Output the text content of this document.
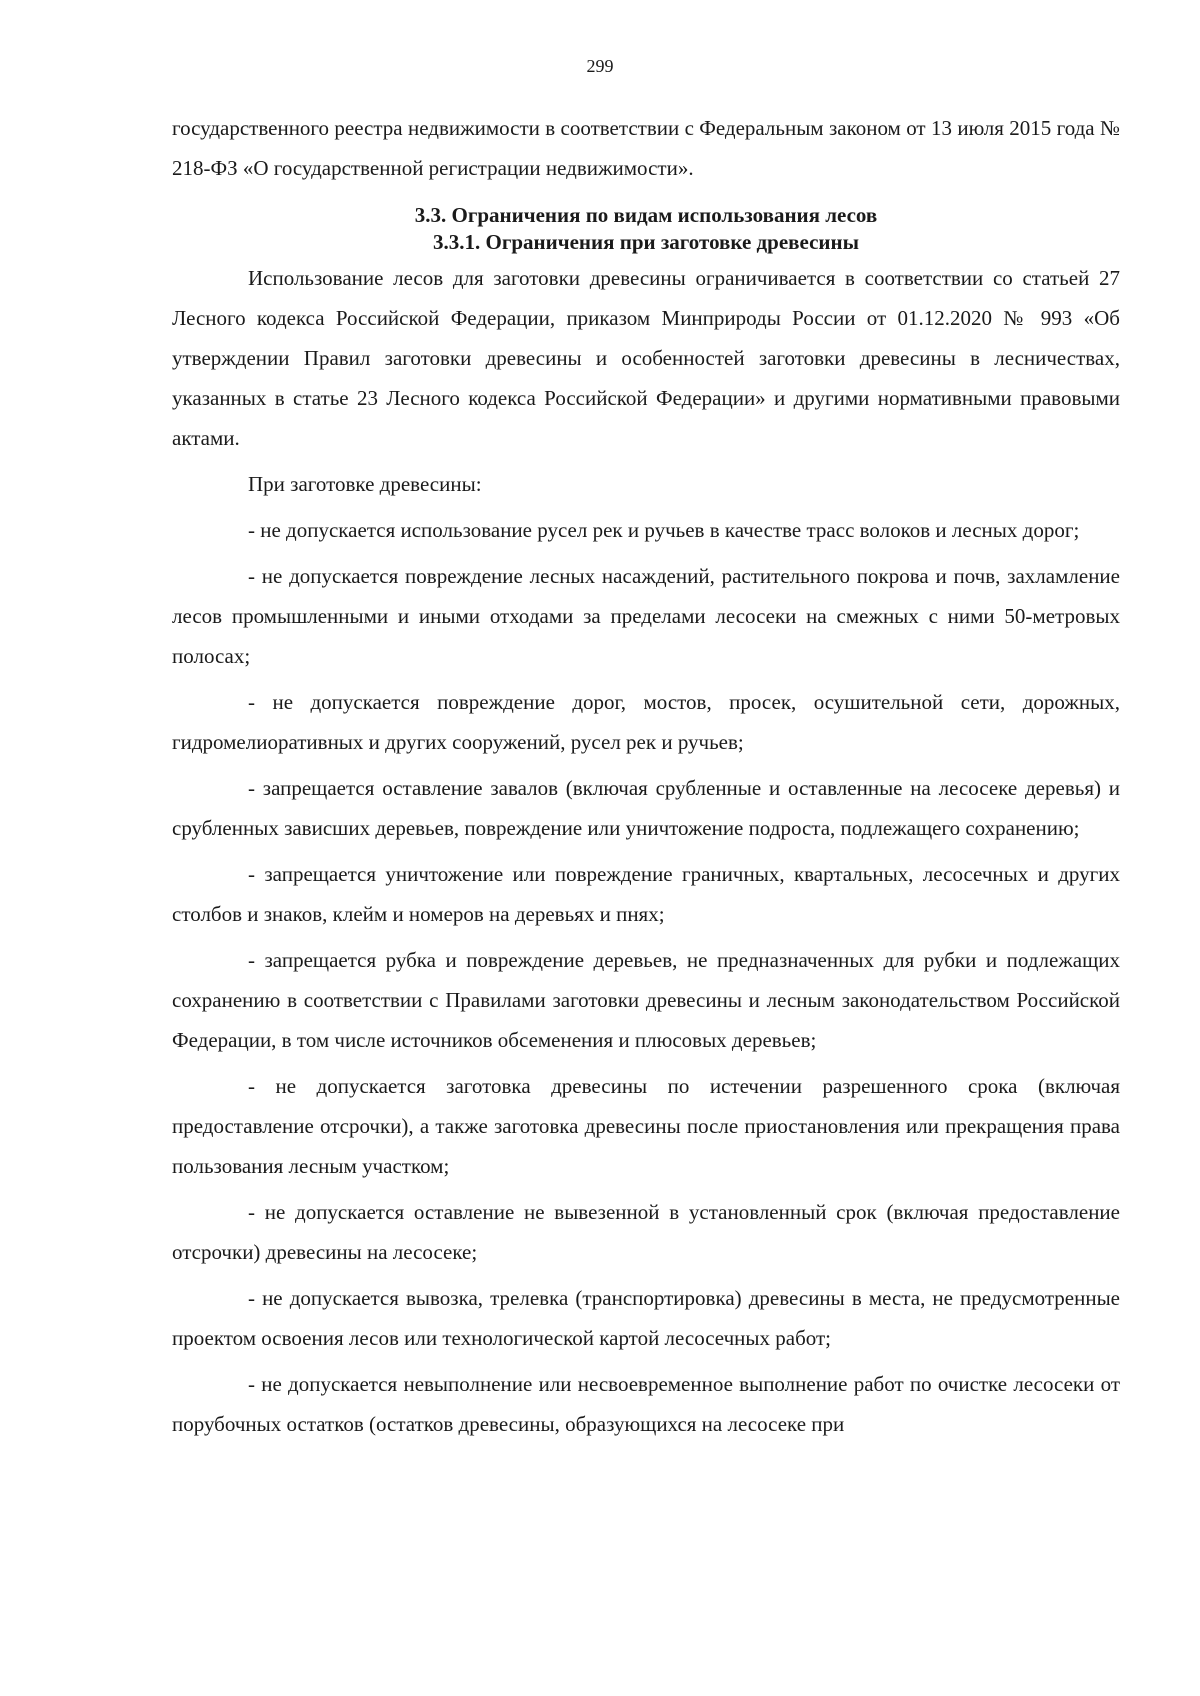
299

государственного реестра недвижимости в соответствии с Федеральным законом от 13 июля 2015 года № 218-ФЗ «О государственной регистрации недвижимости».

3.3. Ограничения по видам использования лесов
3.3.1. Ограничения при заготовке древесины

Использование лесов для заготовки древесины ограничивается в соответствии со статьей 27 Лесного кодекса Российской Федерации, приказом Минприроды России от 01.12.2020 № 993 «Об утверждении Правил заготовки древесины и особенностей заготовки древесины в лесничествах, указанных в статье 23 Лесного кодекса Российской Федерации» и другими нормативными правовыми актами.

При заготовке древесины:

- не допускается использование русел рек и ручьев в качестве трасс волоков и лесных дорог;

- не допускается повреждение лесных насаждений, растительного покрова и почв, захламление лесов промышленными и иными отходами за пределами лесосеки на смежных с ними 50-метровых полосах;

- не допускается повреждение дорог, мостов, просек, осушительной сети, дорожных, гидромелиоративных и других сооружений, русел рек и ручьев;

- запрещается оставление завалов (включая срубленные и оставленные на лесосеке деревья) и срубленных зависших деревьев, повреждение или уничтожение подроста, подлежащего сохранению;

- запрещается уничтожение или повреждение граничных, квартальных, лесосечных и других столбов и знаков, клейм и номеров на деревьях и пнях;

- запрещается рубка и повреждение деревьев, не предназначенных для рубки и подлежащих сохранению в соответствии с Правилами заготовки древесины и лесным законодательством Российской Федерации, в том числе источников обсеменения и плюсовых деревьев;

- не допускается заготовка древесины по истечении разрешенного срока (включая предоставление отсрочки), а также заготовка древесины после приостановления или прекращения права пользования лесным участком;

- не допускается оставление не вывезенной в установленный срок (включая предоставление отсрочки) древесины на лесосеке;

- не допускается вывозка, трелевка (транспортировка) древесины в места, не предусмотренные проектом освоения лесов или технологической картой лесосечных работ;

- не допускается невыполнение или несвоевременное выполнение работ по очистке лесосеки от порубочных остатков (остатков древесины, образующихся на лесосеке при
